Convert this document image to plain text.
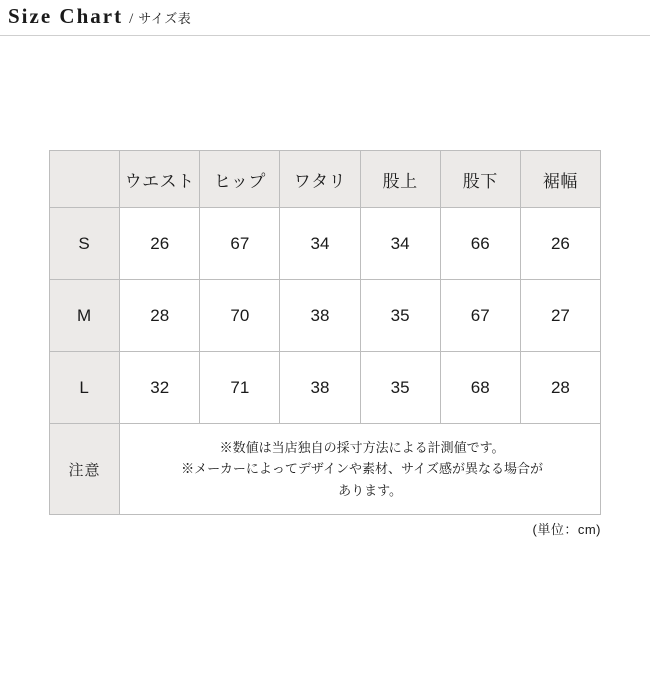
Size Chart / サイズ表
	ウエスト	ヒップ	ワタリ	股上	股下	裾幅
S	26	67	34	34	66	26
M	28	70	38	35	67	27
L	32	71	38	35	68	28
注意	※数値は当店独自の採寸方法による計測値です。
※メーカーによってデザインや素材、サイズ感が異なる場合が
あります。					
(単位：cm)
